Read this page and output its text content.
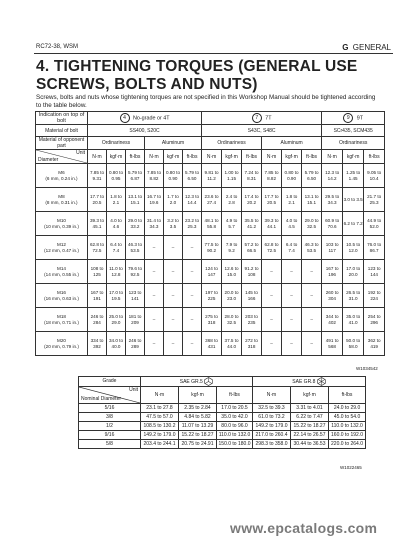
RC72-38, WSM	G GENERAL
4. TIGHTENING TORQUES (GENERAL USE SCREWS, BOLTS AND NUTS)
Screws, bolts and nuts whose tightening torques are not specified in this Workshop Manual should be tightened according to the table below.
Indication on top of bolt	4 No-grade or 4T						7 7T						9 9T		
Material of bolt	SS400, S20C						S43C, S48C						SCr435, SCM435		
Material of opponent part	Ordinariness			Aluminum			Ordinariness			Aluminum			Ordinariness		

Unit
Diameter	N·m	kgf·m	ft-lbs	N·m	kgf·m	ft-lbs	N·m	kgf·m	ft-lbs	N·m	kgf·m	ft-lbs	N·m	kgf·m	ft-lbs

M6
(6 mm, 0.24 in.)	7.85 to 9.31	0.80 to 0.95	5.79 to 6.87	7.85 to 8.82	0.80 to 0.90	5.79 to 6.50	9.81 to 11.2	1.00 to 1.15	7.24 to 8.31	7.85 to 8.82	0.80 to 0.90	5.79 to 6.50	12.3 to 14.2	1.25 to 1.45	9.05 to 10.4

M8
(8 mm, 0.31 in.)	17.7 to 20.5	1.8 to 2.1	13.1 to 15.1	16.7 to 19.6	1.7 to 2.0	12.3 to 14.4	23.6 to 27.4	2.4 to 2.8	17.4 to 20.2	17.7 to 20.5	1.8 to 2.1	13.1 to 15.1	29.5 to 34.3	3.0 to 3.5	21.7 to 25.3

M10
(10 mm, 0.39 in.)	39.3 to 45.1	4.0 to 4.6	29.0 to 33.2	31.4 to 34.3	3.2 to 3.5	23.2 to 25.3	48.1 to 55.8	4.9 to 5.7	35.5 to 41.2	39.3 to 44.1	4.0 to 4.5	29.0 to 32.5	60.9 to 70.6	6.2 to 7.2	44.9 to 52.0

M12
(12 mm, 0.47 in.)	62.8 to 72.5	6.4 to 7.4	46.3 to 53.5	–	–	–	77.5 to 90.2	7.9 to 9.2	57.2 to 66.5	62.8 to 72.5	6.4 to 7.4	46.3 to 53.5	103 to 117	10.5 to 12.0	76.0 to 86.7

M14
(14 mm, 0.55 in.)	108 to 125	11.0 to 12.8	79.6 to 92.5	–	–	–	124 to 147	12.6 to 15.0	91.2 to 108	–	–	–	167 to 196	17.0 to 20.0	123 to 144

M16
(16 mm, 0.63 in.)	167 to 191	17.0 to 19.5	123 to 141	–	–	–	197 to 225	20.0 to 23.0	145 to 166	–	–	–	260 to 304	26.5 to 31.0	192 to 224

M18
(18 mm, 0.71 in.)	246 to 284	25.0 to 29.0	181 to 209	–	–	–	275 to 318	28.0 to 32.5	203 to 235	–	–	–	344 to 402	35.0 to 41.0	254 to 296

M20
(20 mm, 0.79 in.)	334 to 392	34.0 to 40.0	246 to 289	–	–	–	368 to 431	37.5 to 44.0	272 to 318	–	–	–	491 to 568	50.0 to 58.0	362 to 419
W1034542
Grade	SAE GR.5			SAE GR.8		

Unit
Nominal Diameter	N·m	kgf·m	ft-lbs	N·m	kgf·m	ft-lbs
5/16	23.1 to 27.8	2.35 to 2.84	17.0 to 20.5	32.5 to 39.3	3.31 to 4.01	24.0 to 29.0
3/8	47.5 to 57.0	4.84 to 5.82	35.0 to 42.0	61.0 to 73.2	6.22 to 7.47	45.0 to 54.0
1/2	108.5 to 130.2	11.07 to 13.29	80.0 to 96.0	149.2 to 179.0	15.22 to 18.27	110.0 to 132.0
9/16	149.2 to 179.0	15.22 to 18.27	110.0 to 132.0	217.0 to 260.4	22.14 to 26.57	160.0 to 192.0
5/8	203.4 to 244.1	20.75 to 24.91	150.0 to 180.0	298.3 to 358.0	30.44 to 36.53	220.0 to 264.0
W1022465
www.epcatalogs.com
